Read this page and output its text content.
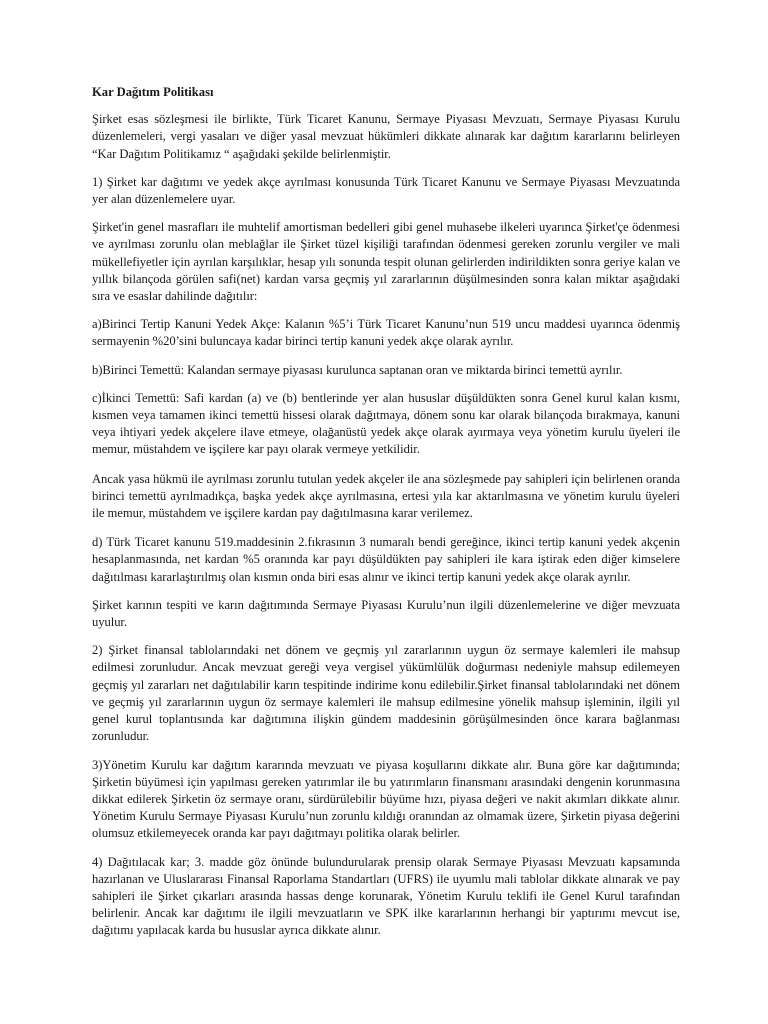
Kar Dağıtım Politikası

Şirket esas sözleşmesi ile birlikte, Türk Ticaret Kanunu, Sermaye Piyasası Mevzuatı, Sermaye Piyasası Kurulu düzenlemeleri, vergi yasaları ve diğer yasal mevzuat hükümleri dikkate alınarak kar dağıtım kararlarını belirleyen “Kar Dağıtım Politikamız “ aşağıdaki şekilde belirlenmiştir.

1) Şirket kar dağıtımı ve yedek akçe ayrılması konusunda Türk Ticaret Kanunu ve Sermaye Piyasası Mevzuatında yer alan düzenlemelere uyar.

Şirket'in genel masrafları ile muhtelif amortisman bedelleri gibi genel muhasebe ilkeleri uyarınca Şirket'çe ödenmesi ve ayrılması zorunlu olan meblağlar ile Şirket tüzel kişiliği tarafından ödenmesi gereken zorunlu vergiler ve mali mükellefiyetler için ayrılan karşılıklar, hesap yılı sonunda tespit olunan gelirlerden indirildikten sonra geriye kalan ve yıllık bilançoda görülen safi(net) kardan varsa geçmiş yıl zararlarının düşülmesinden sonra kalan miktar aşağıdaki sıra ve esaslar dahilinde dağıtılır:

a)Birinci Tertip Kanuni Yedek Akçe: Kalanın %5’i Türk Ticaret Kanunu’nun 519 uncu maddesi uyarınca ödenmiş sermayenin %20’sini buluncaya kadar birinci tertip kanuni yedek akçe olarak ayrılır.

b)Birinci Temettü: Kalandan sermaye piyasası kurulunca saptanan oran ve miktarda birinci temettü ayrılır.

c)İkinci Temettü: Safi kardan (a) ve (b) bentlerinde yer alan hususlar düşüldükten sonra Genel kurul kalan kısmı, kısmen veya tamamen ikinci temettü hissesi olarak dağıtmaya, dönem sonu kar olarak bilançoda bırakmaya, kanuni veya ihtiyari yedek akçelere ilave etmeye, olağanüstü yedek akçe olarak ayırmaya veya yönetim kurulu üyeleri ile memur, müstahdem ve işçilere kar payı olarak vermeye yetkilidir.

Ancak yasa hükmü ile ayrılması zorunlu tutulan yedek akçeler ile ana sözleşmede pay sahipleri için belirlenen oranda birinci temettü ayrılmadıkça, başka yedek akçe ayrılmasına, ertesi yıla kar aktarılmasına ve yönetim kurulu üyeleri ile memur, müstahdem ve işçilere kardan pay dağıtılmasına karar verilemez.

d) Türk Ticaret kanunu 519.maddesinin 2.fıkrasının 3 numaralı bendi gereğince, ikinci tertip kanuni yedek akçenin hesaplanmasında, net kardan %5 oranında kar payı düşüldükten pay sahipleri ile kara iştirak eden diğer kimselere dağıtılması kararlaştırılmış olan kısmın onda biri esas alınır ve ikinci tertip kanuni yedek akçe olarak ayrılır.

Şirket karının tespiti ve karın dağıtımında Sermaye Piyasası Kurulu’nun ilgili düzenlemelerine ve diğer mevzuata uyulur.

2) Şirket finansal tablolarındaki net dönem ve geçmiş yıl zararlarının uygun öz sermaye kalemleri ile mahsup edilmesi zorunludur. Ancak mevzuat gereği veya vergisel yükümlülük doğurması nedeniyle mahsup edilemeyen geçmiş yıl zararları net dağıtılabilir karın tespitinde indirime konu edilebilir.Şirket finansal tablolarındaki net dönem ve geçmiş yıl zararlarının uygun öz sermaye kalemleri ile mahsup edilmesine yönelik mahsup işleminin, ilgili yıl genel kurul toplantısında kar dağıtımına ilişkin gündem maddesinin görüşülmesinden önce karara bağlanması zorunludur.

3)Yönetim Kurulu kar dağıtım kararında mevzuatı ve piyasa koşullarını dikkate alır. Buna göre kar dağıtımında; Şirketin büyümesi için yapılması gereken yatırımlar ile bu yatırımların finansmanı arasındaki dengenin korunmasına dikkat edilerek Şirketin öz sermaye oranı, sürdürülebilir büyüme hızı, piyasa değeri ve nakit akımları dikkate alınır. Yönetim Kurulu Sermaye Piyasası Kurulu’nun zorunlu kıldığı oranından az olmamak üzere, Şirketin piyasa değerini olumsuz etkilemeyecek oranda kar payı dağıtmayı politika olarak belirler.

4) Dağıtılacak kar; 3. madde göz önünde bulundurularak prensip olarak Sermaye Piyasası Mevzuatı kapsamında hazırlanan ve Uluslararası Finansal Raporlama Standartları (UFRS) ile uyumlu mali tablolar dikkate alınarak ve pay sahipleri ile Şirket çıkarları arasında hassas denge korunarak, Yönetim Kurulu teklifi ile Genel Kurul tarafından belirlenir. Ancak kar dağıtımı ile ilgili mevzuatların ve SPK ilke kararlarının herhangi bir yaptırımı mevcut ise, dağıtımı yapılacak karda bu hususlar ayrıca dikkate alınır.
